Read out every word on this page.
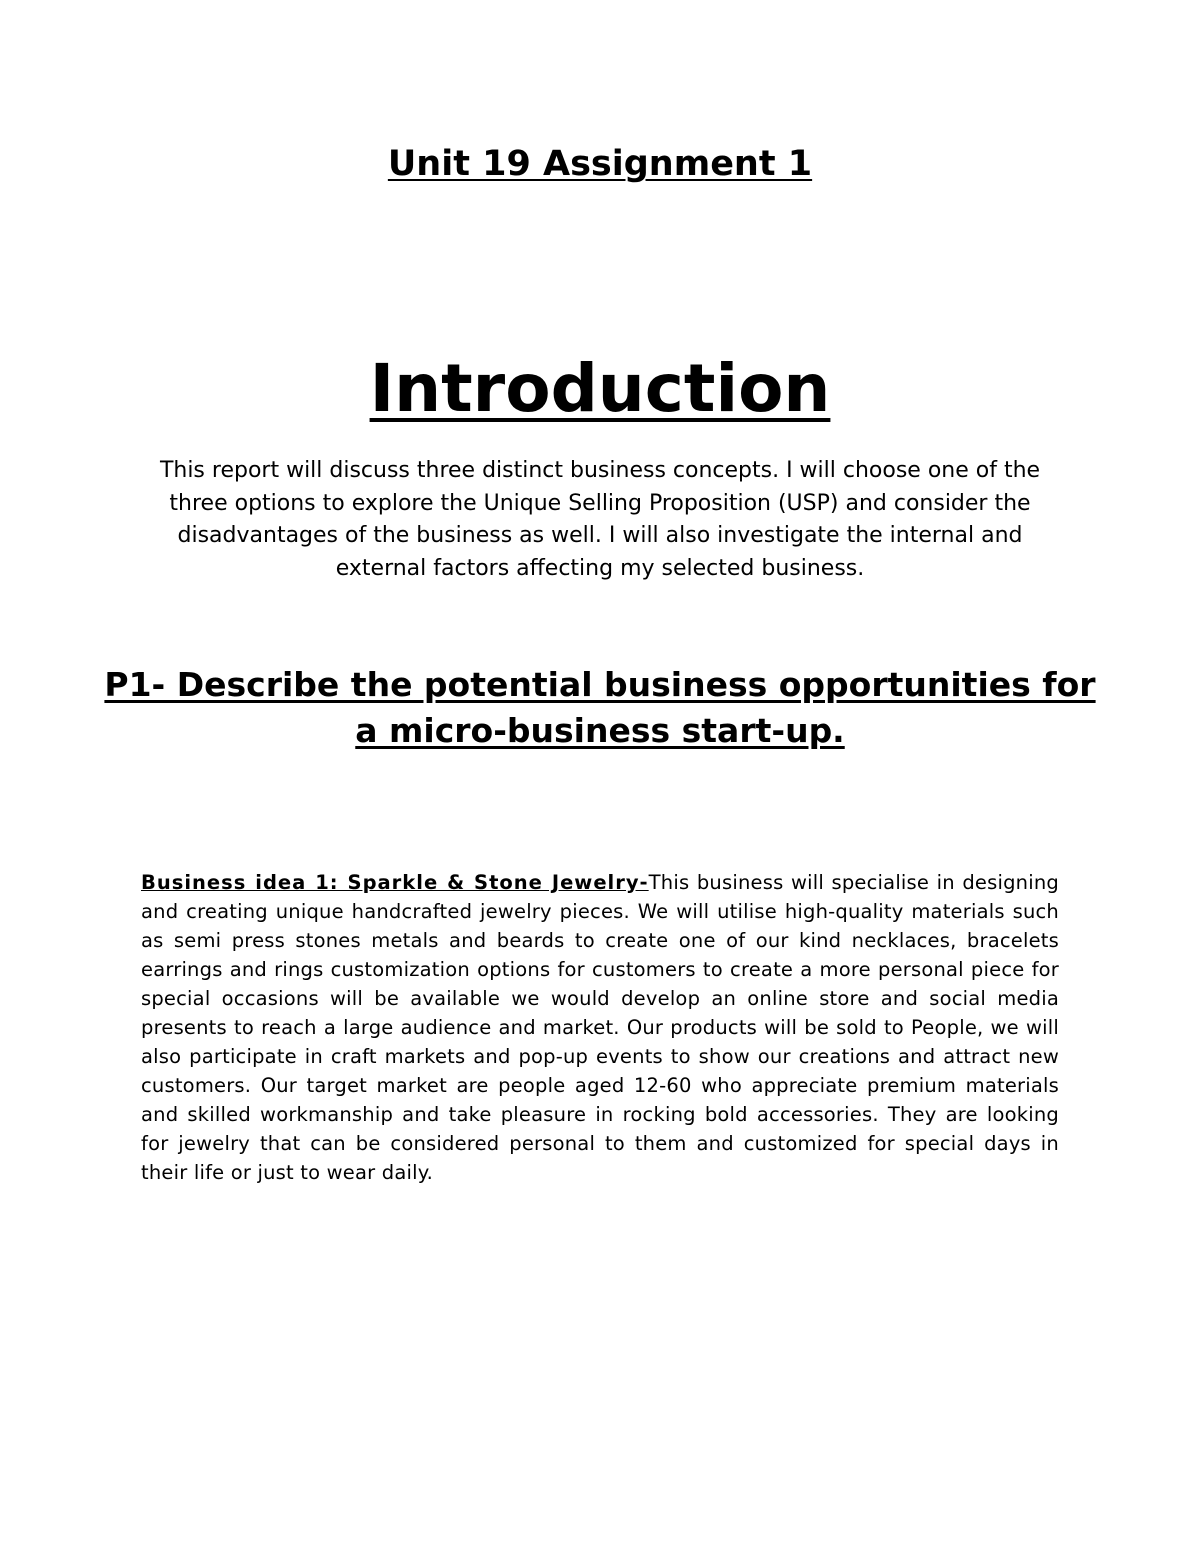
Unit 19 Assignment 1
Introduction

This report will discuss three distinct business concepts. I will choose one of the three options to explore the Unique Selling Proposition (USP) and consider the disadvantages of the business as well. I will also investigate the internal and external factors affecting my selected business.

P1- Describe the potential business opportunities for a micro-business start-up.

Business idea 1: Sparkle & Stone Jewelry-This business will specialise in designing and creating unique handcrafted jewelry pieces. We will utilise high-quality materials such as semi press stones metals and beards to create one of our kind necklaces, bracelets earrings and rings customization options for customers to create a more personal piece for special occasions will be available we would develop an online store and social media presents to reach a large audience and market. Our products will be sold to People, we will also participate in craft markets and pop-up events to show our creations and attract new customers. Our target market are people aged 12-60 who appreciate premium materials and skilled workmanship and take pleasure in rocking bold accessories. They are looking for jewelry that can be considered personal to them and customized for special days in their life or just to wear daily.
